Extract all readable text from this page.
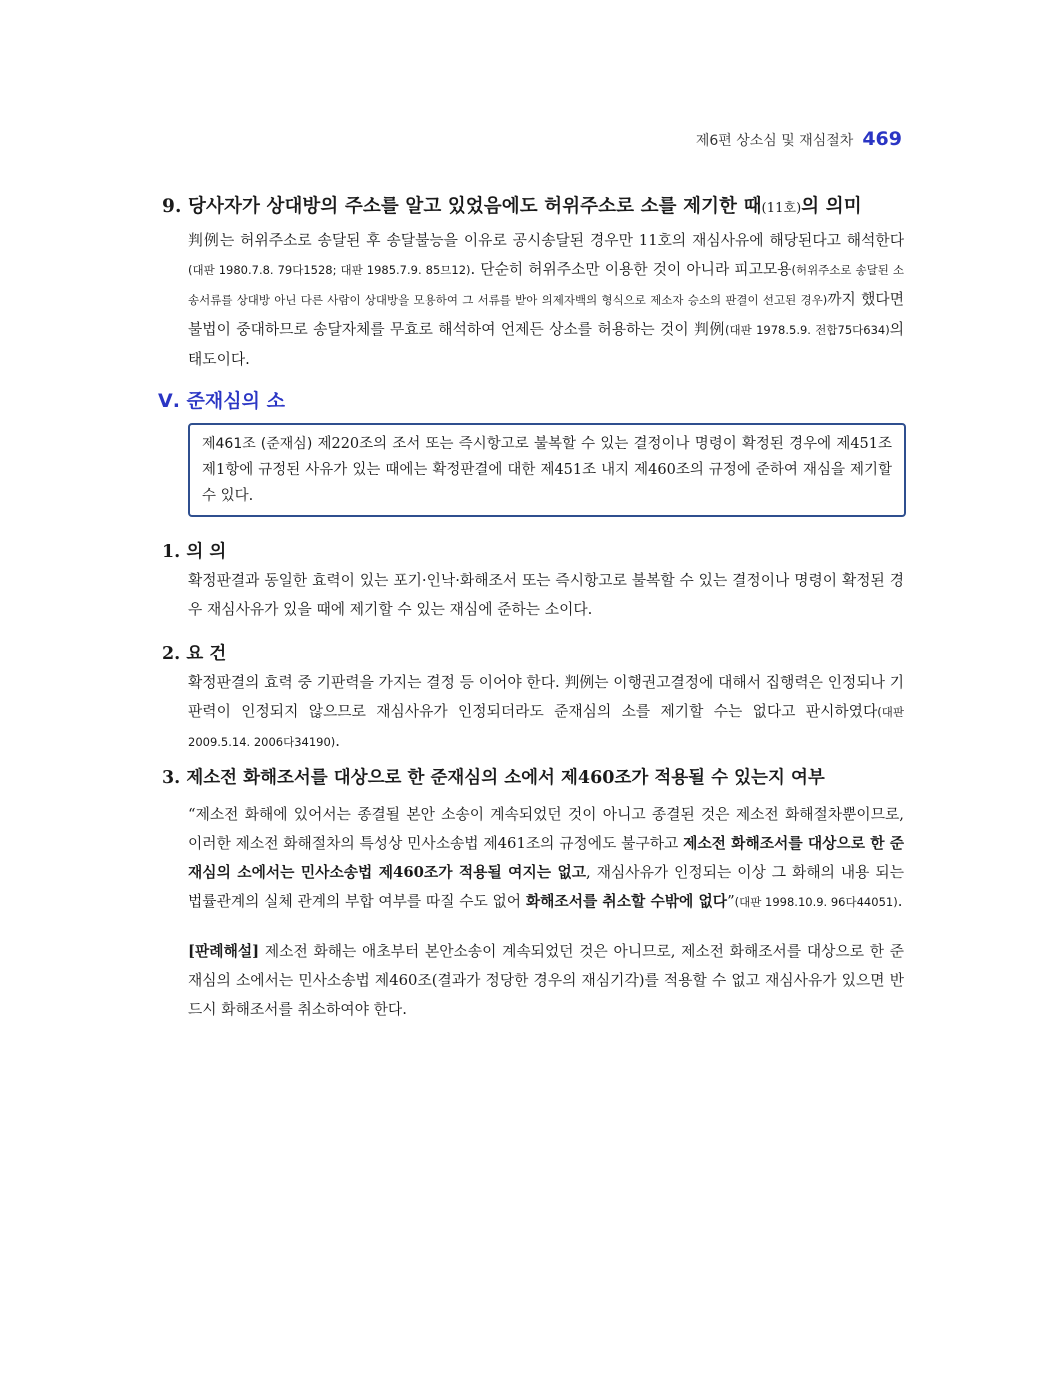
제6편 상소심 및 재심절차 469
9. 당사자가 상대방의 주소를 알고 있었음에도 허위주소로 소를 제기한 때(11호)의 의미
判例는 허위주소로 송달된 후 송달불능을 이유로 공시송달된 경우만 11호의 재심사유에 해당된다고 해석한다(대판 1980.7.8. 79다1528; 대판 1985.7.9. 85므12). 단순히 허위주소만 이용한 것이 아니라 피고모용(허위주소로 송달된 소송서류를 상대방 아닌 다른 사람이 상대방을 모용하여 그 서류를 받아 의제자백의 형식으로 제소자 승소의 판결이 선고된 경우)까지 했다면 불법이 중대하므로 송달자체를 무효로 해석하여 언제든 상소를 허용하는 것이 判例(대판 1978.5.9. 전합75다634)의 태도이다.
Ⅴ. 준재심의 소
제461조 (준재심) 제220조의 조서 또는 즉시항고로 불복할 수 있는 결정이나 명령이 확정된 경우에 제451조제1항에 규정된 사유가 있는 때에는 확정판결에 대한 제451조 내지 제460조의 규정에 준하여 재심을 제기할 수 있다.
1. 의 의
확정판결과 동일한 효력이 있는 포기·인낙·화해조서 또는 즉시항고로 불복할 수 있는 결정이나 명령이 확정된 경우 재심사유가 있을 때에 제기할 수 있는 재심에 준하는 소이다.
2. 요 건
확정판결의 효력 중 기판력을 가지는 결정 등 이어야 한다. 判例는 이행권고결정에 대해서 집행력은 인정되나 기판력이 인정되지 않으므로 재심사유가 인정되더라도 준재심의 소를 제기할 수는 없다고 판시하였다(대판 2009.5.14. 2006다34190).
3. 제소전 화해조서를 대상으로 한 준재심의 소에서 제460조가 적용될 수 있는지 여부
“제소전 화해에 있어서는 종결될 본안 소송이 계속되었던 것이 아니고 종결된 것은 제소전 화해절차뿐이므로, 이러한 제소전 화해절차의 특성상 민사소송법 제461조의 규정에도 불구하고 제소전 화해조서를 대상으로 한 준재심의 소에서는 민사소송법 제460조가 적용될 여지는 없고, 재심사유가 인정되는 이상 그 화해의 내용 되는 법률관계의 실체 관계의 부합 여부를 따질 수도 없어 화해조서를 취소할 수밖에 없다”(대판 1998.10.9. 96다44051).
[판례해설] 제소전 화해는 애초부터 본안소송이 계속되었던 것은 아니므로, 제소전 화해조서를 대상으로 한 준재심의 소에서는 민사소송법 제460조(결과가 정당한 경우의 재심기각)를 적용할 수 없고 재심사유가 있으면 반드시 화해조서를 취소하여야 한다.
